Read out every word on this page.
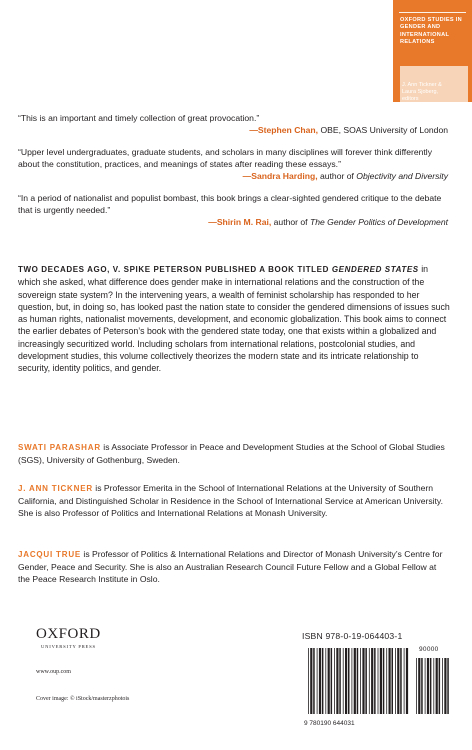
OXFORD STUDIES IN
GENDER AND
INTERNATIONAL
RELATIONS
J. Ann Tickner &
Laura Sjoberg,
editors

“This is an important and timely collection of great provocation.”

—Stephen Chan, OBE, SOAS University of London

“Upper level undergraduates, graduate students, and scholars in many disciplines will forever think differently about the constitution, practices, and meanings of states after reading these essays.”

—Sandra Harding, author of Objectivity and Diversity

“In a period of nationalist and populist bombast, this book brings a clear-sighted gendered critique to the debate that is urgently needed.”

—Shirin M. Rai, author of The Gender Politics of Development

TWO DECADES AGO, V. SPIKE PETERSON PUBLISHED A BOOK TITLED GENDERED STATES in which she asked, what difference does gender make in international relations and the construction of the sovereign state system? In the intervening years, a wealth of feminist scholarship has responded to her question, but, in doing so, has looked past the nation state to consider the gendered dimensions of issues such as human rights, nationalist movements, development, and economic globalization. This book aims to connect the earlier debates of Peterson’s book with the gendered state today, one that exists within a globalized and increasingly securitized world. Including scholars from international relations, postcolonial studies, and development studies, this volume collectively theorizes the modern state and its intricate relationship to security, identity politics, and gender.

SWATI PARASHAR is Associate Professor in Peace and Development Studies at the School of Global Studies (SGS), University of Gothenburg, Sweden.

J. ANN TICKNER is Professor Emerita in the School of International Relations at the University of Southern California, and Distinguished Scholar in Residence in the School of International Service at American University. She is also Professor of Politics and International Relations at Monash University.

JACQUI TRUE is Professor of Politics & International Relations and Director of Monash University’s Centre for Gender, Peace and Security. She is also an Australian Research Council Future Fellow and a Global Fellow at the Peace Research Institute in Oslo.

OXFORD
UNIVERSITY PRESS
www.oup.com
Cover image: © iStock/masterzphotois
ISBN 978-0-19-064403-1
9 780190 644031
90000
